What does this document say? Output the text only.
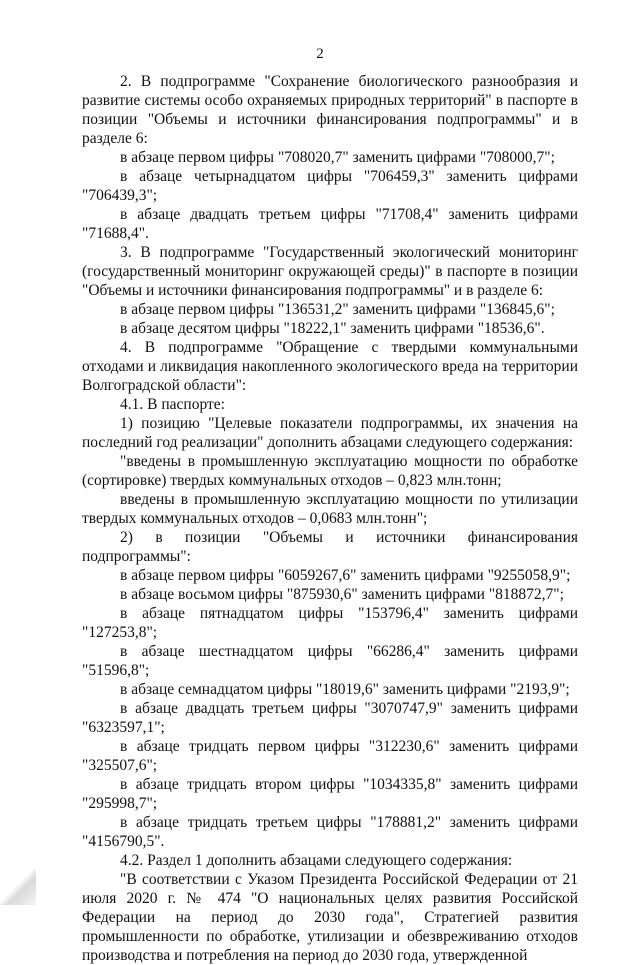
2

2. В подпрограмме "Сохранение биологического разнообразия и развитие системы особо охраняемых природных территорий" в паспорте в позиции "Объемы и источники финансирования подпрограммы" и в разделе 6:

в абзаце первом цифры "708020,7" заменить цифрами "708000,7";

в абзаце четырнадцатом цифры "706459,3" заменить цифрами "706439,3";

в абзаце двадцать третьем цифры "71708,4" заменить цифрами "71688,4".

3. В подпрограмме "Государственный экологический мониторинг (государственный мониторинг окружающей среды)" в паспорте в позиции "Объемы и источники финансирования подпрограммы" и в разделе 6:

в абзаце первом цифры "136531,2" заменить цифрами "136845,6";

в абзаце десятом цифры "18222,1" заменить цифрами "18536,6".

4. В подпрограмме "Обращение с твердыми коммунальными отходами и ликвидация накопленного экологического вреда на территории Волгоградской области":

4.1. В паспорте:

1) позицию "Целевые показатели подпрограммы, их значения на последний год реализации" дополнить абзацами следующего содержания:

"введены в промышленную эксплуатацию мощности по обработке (сортировке) твердых коммунальных отходов – 0,823 млн.тонн;

введены в промышленную эксплуатацию мощности по утилизации твердых коммунальных отходов – 0,0683 млн.тонн";

2) в позиции "Объемы и источники финансирования подпрограммы":

в абзаце первом цифры "6059267,6" заменить цифрами "9255058,9";

в абзаце восьмом цифры "875930,6" заменить цифрами "818872,7";

в абзаце пятнадцатом цифры "153796,4" заменить цифрами "127253,8";

в абзаце шестнадцатом цифры "66286,4" заменить цифрами "51596,8";

в абзаце семнадцатом цифры "18019,6" заменить цифрами "2193,9";

в абзаце двадцать третьем цифры "3070747,9" заменить цифрами "6323597,1";

в абзаце тридцать первом цифры "312230,6" заменить цифрами "325507,6";

в абзаце тридцать втором цифры "1034335,8" заменить цифрами "295998,7";

в абзаце тридцать третьем цифры "178881,2" заменить цифрами "4156790,5".

4.2. Раздел 1 дополнить абзацами следующего содержания:

"В соответствии с Указом Президента Российской Федерации от 21 июля 2020 г. № 474 "О национальных целях развития Российской Федерации на период до 2030 года", Стратегией развития промышленности по обработке, утилизации и обезвреживанию отходов производства и потребления на период до 2030 года, утвержденной
